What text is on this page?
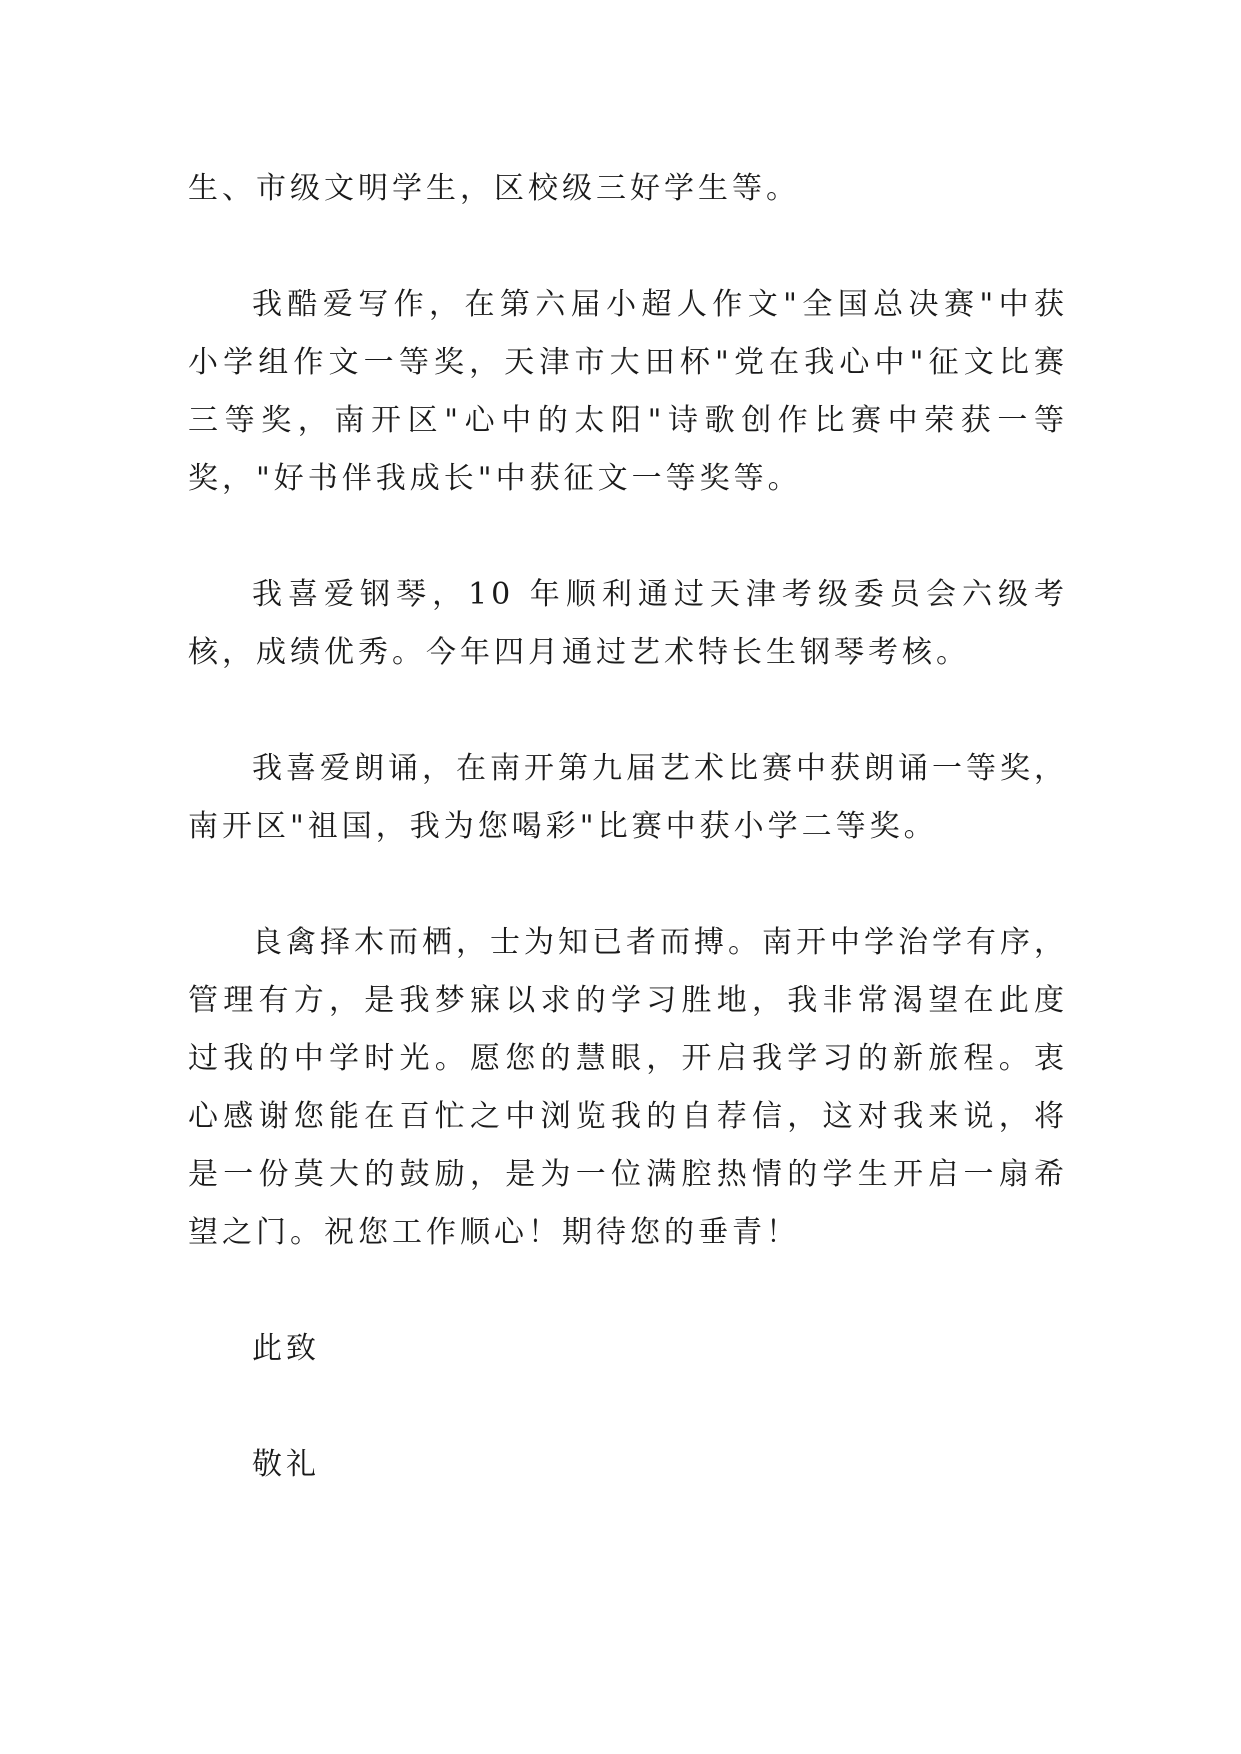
生、市级文明学生，区校级三好学生等。

我酷爱写作，在第六届小超人作文"全国总决赛"中获小学组作文一等奖，天津市大田杯"党在我心中"征文比赛三等奖，南开区"心中的太阳"诗歌创作比赛中荣获一等奖，"好书伴我成长"中获征文一等奖等。

我喜爱钢琴，10 年顺利通过天津考级委员会六级考核，成绩优秀。今年四月通过艺术特长生钢琴考核。

我喜爱朗诵，在南开第九届艺术比赛中获朗诵一等奖，南开区"祖国，我为您喝彩"比赛中获小学二等奖。

良禽择木而栖，士为知已者而搏。南开中学治学有序，管理有方，是我梦寐以求的学习胜地，我非常渴望在此度过我的中学时光。愿您的慧眼，开启我学习的新旅程。衷心感谢您能在百忙之中浏览我的自荐信，这对我来说，将是一份莫大的鼓励，是为一位满腔热情的学生开启一扇希望之门。祝您工作顺心！期待您的垂青！

此致

敬礼
